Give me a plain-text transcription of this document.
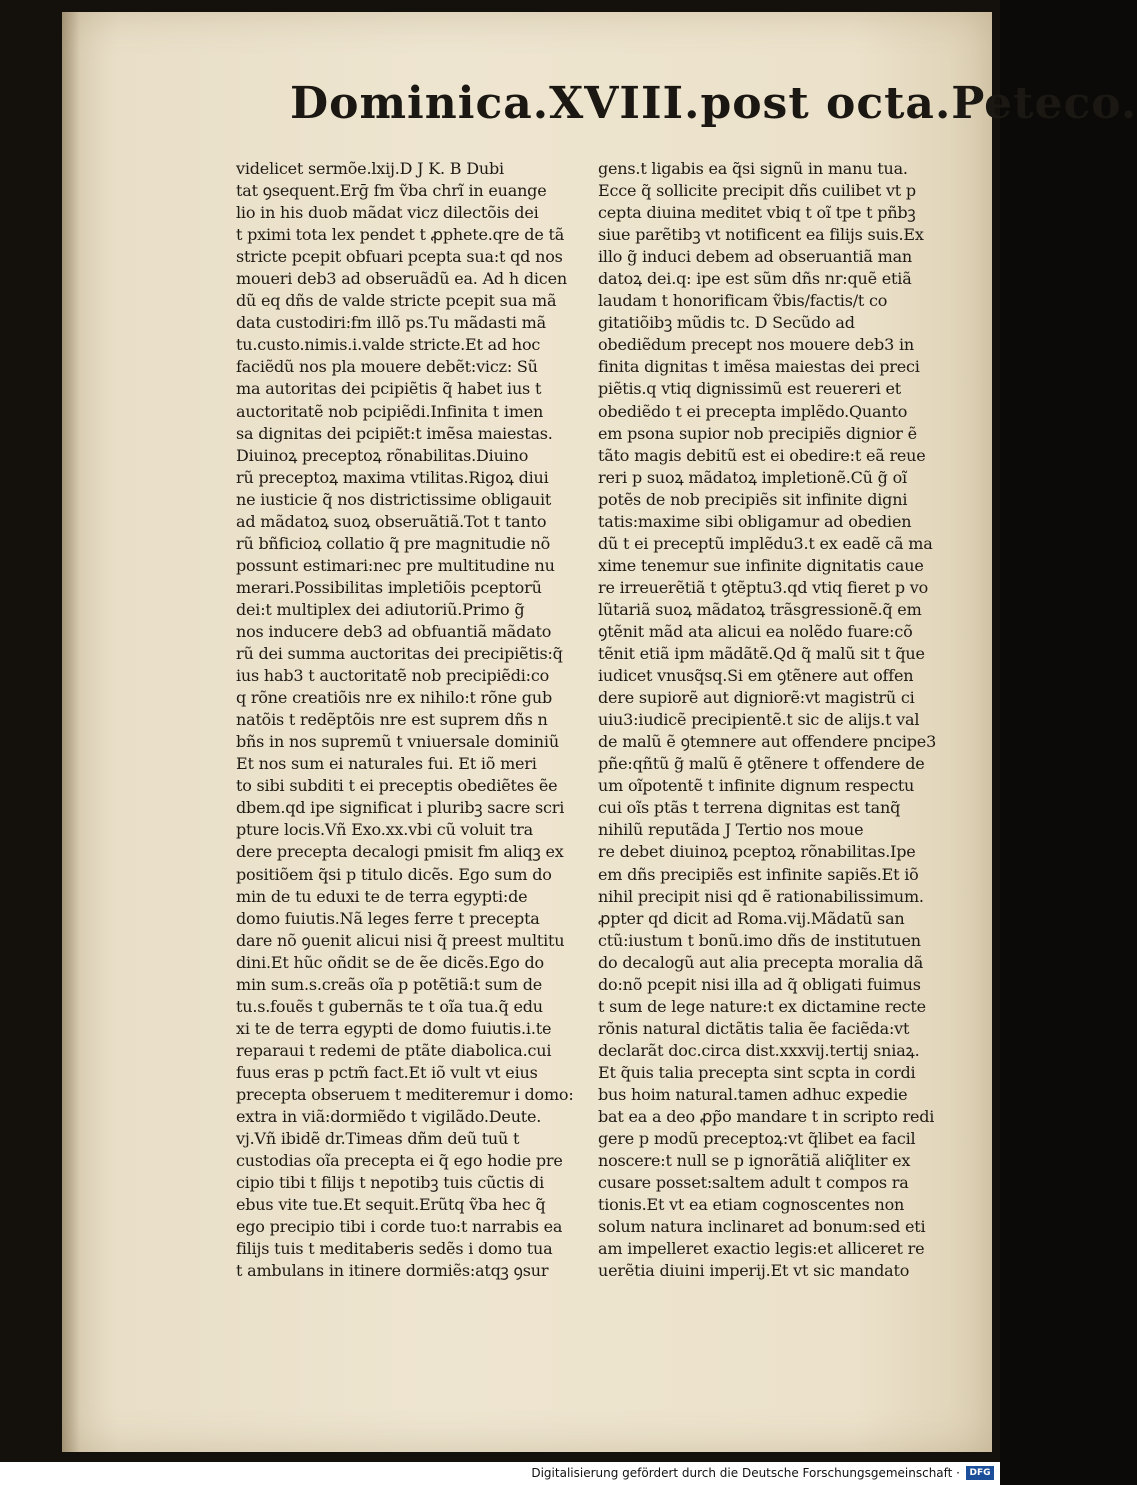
Dominica.XVIII.post octa.Peteco.
videlicet sermõe.lxij.D J K. B Dubi
tat ꝯsequent.Erḡ fm ṽba chrĩ in euange
lio in his duob mãdat vicz dilectõis dei
t pximi tota lex pendet t ꝓphete.qre de tã
stricte pcepit obfuari pcepta sua:t qd nos
moueri deb3 ad obseruãdũ ea. Ad h dicen
dũ eq dñs de valde stricte pcepit sua mã
data custodiri:fm illõ ps.Tu mãdasti mã
tu.custo.nimis.i.valde stricte.Et ad hoc
faciẽdũ nos pla mouere debẽt:vicz: Sũ
ma autoritas dei pcipiẽtis q̃ habet ius t
auctoritatẽ nob pcipiẽdi.Infinita t imen
sa dignitas dei pcipiẽt:t imẽsa maiestas.
Diuinoꝝ preceptoꝝ rõnabilitas.Diuino
rũ preceptoꝝ maxima vtilitas.Rigoꝝ diui
ne iusticie q̃ nos districtissime obligauit
ad mãdatoꝝ suoꝝ obseruãtiã.Tot t tanto
rũ bñficioꝝ collatio q̃ pre magnitudie nõ
possunt estimari:nec pre multitudine nu
merari.Possibilitas impletiõis pceptorũ
dei:t multiplex dei adiutoriũ.Primo g̃
nos inducere deb3 ad obfuantiã mãdato
rũ dei summa auctoritas dei precipiẽtis:q̃
ius hab3 t auctoritatẽ nob precipiẽdi:co
q rõne creatiõis nre ex nihilo:t rõne gub
natõis t redẽptõis nre est suprem dñs n
bñs in nos supremũ t vniuersale dominiũ
Et nos sum ei naturales fui. Et iõ meri
to sibi subditi t ei preceptis obediẽtes ẽe
dbem.qd ipe significat i pluribꝫ sacre scri
pture locis.Vñ Exo.xx.vbi cũ voluit tra
dere precepta decalogi pmisit fm aliqꝫ ex
positiõem q̃si p titulo dicẽs. Ego sum do
min de tu eduxi te de terra egypti:de
domo fuiutis.Nã leges ferre t precepta
dare nõ ꝯuenit alicui nisi q̃ preest multitu
dini.Et hũc oñdit se de ẽe dicẽs.Ego do
min sum.s.creãs oĩa p potẽtiã:t sum de
tu.s.fouẽs t gubernãs te t oĩa tua.q̃ edu
xi te de terra egypti de domo fuiutis.i.te
reparaui t redemi de ptãte diabolica.cui
fuus eras p pctm̃ fact.Et iõ vult vt eius
precepta obseruem t mediteremur i domo:
extra in viã:dormiẽdo t vigilãdo.Deute.
vj.Vñ ibidẽ dr.Timeas dñm deũ tuũ t
custodias oĩa precepta ei q̃ ego hodie pre
cipio tibi t filijs t nepotibꝫ tuis cũctis di
ebus vite tue.Et sequit.Erũtq ṽba hec q̃
ego precipio tibi i corde tuo:t narrabis ea
filijs tuis t meditaberis sedẽs i domo tua
t ambulans in itinere dormiẽs:atqꝫ ꝯsur
gens.t ligabis ea q̃si signũ in manu tua.
Ecce q̃ sollicite precipit dñs cuilibet vt p
cepta diuina meditet vbiq t oĩ tpe t pñbꝫ
siue parẽtibꝫ vt notificent ea filijs suis.Ex
illo g̃ induci debem ad obseruantiã man
datoꝝ dei.q: ipe est sũm dñs nr:quẽ etiã
laudam t honorificam ṽbis/factis/t co
gitatiõibꝫ mũdis tc. D Secũdo ad
obediẽdum precept nos mouere deb3 in
finita dignitas t imẽsa maiestas dei preci
piẽtis.q vtiq dignissimũ est reuereri et
obediẽdo t ei precepta implẽdo.Quanto
em psona supior nob precipiẽs dignior ẽ
tãto magis debitũ est ei obedire:t eã reue
reri p suoꝝ mãdatoꝝ impletionẽ.Cũ g̃ oĩ
potẽs de nob precipiẽs sit infinite digni
tatis:maxime sibi obligamur ad obedien
dũ t ei preceptũ implẽdu3.t ex eadẽ cã ma
xime tenemur sue infinite dignitatis caue
re irreuerẽtiã t ꝯtẽptu3.qd vtiq fieret p vo
lũtariã suoꝝ mãdatoꝝ trãsgressionẽ.q̃ em
ꝯtẽnit mãd ata alicui ea nolẽdo fuare:cõ
tẽnit etiã ipm mãdãtẽ.Qd q̃ malũ sit t q̃ue
iudicet vnusq̃sq.Si em ꝯtẽnere aut offen
dere supiorẽ aut digniorẽ:vt magistrũ ci
uiu3:iudicẽ precipientẽ.t sic de alijs.t val
de malũ ẽ ꝯtemnere aut offendere pncipe3
pñe:qñtũ g̃ malũ ẽ ꝯtẽnere t offendere de
um oĩpotentẽ t infinite dignum respectu
cui oĩs ptãs t terrena dignitas est tanq̃
nihilũ reputãda J Tertio nos moue
re debet diuinoꝝ pceptoꝝ rõnabilitas.Ipe
em dñs precipiẽs est infinite sapiẽs.Et iõ
nihil precipit nisi qd ẽ rationabilissimum.
ꝓpter qd dicit ad Roma.vij.Mãdatũ san
ctũ:iustum t bonũ.imo dñs de institutuen
do decalogũ aut alia precepta moralia dã
do:nõ pcepit nisi illa ad q̃ obligati fuimus
t sum de lege nature:t ex dictamine recte
rõnis natural dictãtis talia ẽe faciẽda:vt
declarãt doc.circa dist.xxxvij.tertij sniaꝝ.
Et q̃uis talia precepta sint scpta in cordi
bus hoim natural.tamen adhuc expedie
bat ea a deo ꝓp̃o mandare t in scripto redi
gere p modũ preceptoꝝ:vt q̃libet ea facil
noscere:t null se p ignorãtiã aliq̃liter ex
cusare posset:saltem adult t compos ra
tionis.Et vt ea etiam cognoscentes non
solum natura inclinaret ad bonum:sed eti
am impelleret exactio legis:et alliceret re
uerẽtia diuini imperij.Et vt sic mandato
Digitalisierung gefördert durch die Deutsche Forschungsgemeinschaft ·	DFG
